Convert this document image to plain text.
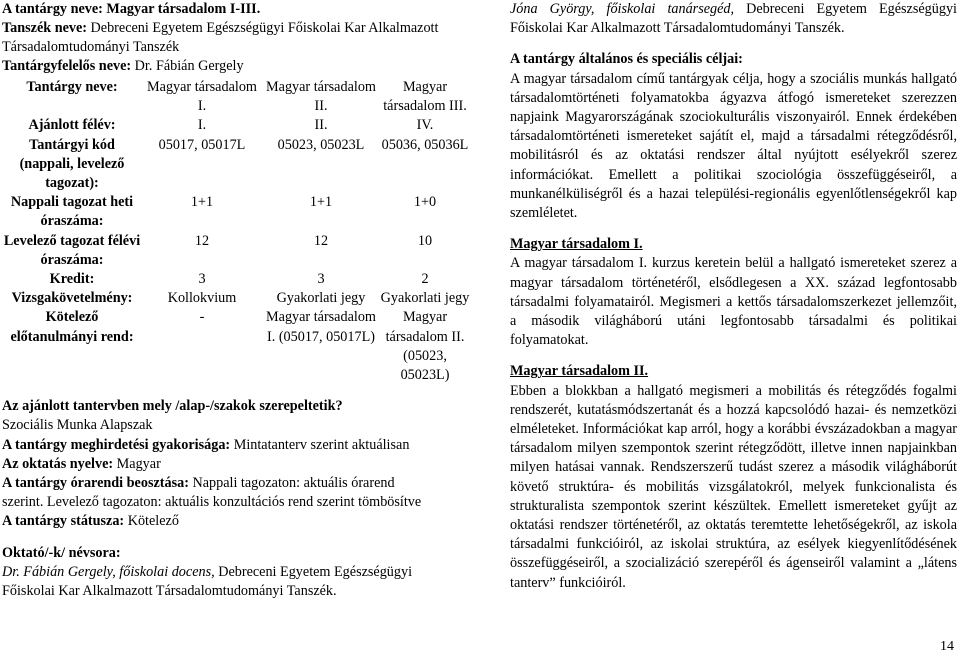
A tantárgy neve: Magyar társadalom I-III.
Tanszék neve: Debreceni Egyetem Egészségügyi Főiskolai Kar Alkalmazott
Társadalomtudományi Tanszék
Tantárgyfelelős neve: Dr. Fábián Gergely
Tantárgy neve:	Magyar társadalom I.	Magyar társadalom II.	Magyar társadalom III.
Ajánlott félév:	I.	II.	IV.
Tantárgyi kód (nappali, levelező tagozat):	05017, 05017L	05023, 05023L	05036, 05036L
Nappali tagozat heti óraszáma:	1+1	1+1	1+0
Levelező tagozat félévi óraszáma:	12	12	10
Kredit:	3	3	2
Vizsgakövetelmény:	Kollokvium	Gyakorlati jegy	Gyakorlati jegy
Kötelező előtanulmányi rend:	-	Magyar társadalom I. (05017, 05017L)	Magyar társadalom II. (05023, 05023L)
Az ajánlott tantervben mely /alap-/szakok szerepeltetik?
Szociális Munka Alapszak
A tantárgy meghirdetési gyakorisága: Mintatanterv szerint aktuálisan
Az oktatás nyelve: Magyar
A tantárgy órarendi beosztása: Nappali tagozaton: aktuális órarend
szerint. Levelező tagozaton: aktuális konzultációs rend szerint tömbösítve
A tantárgy státusza: Kötelező
Oktató/-k/ névsora:
Dr. Fábián Gergely, főiskolai docens, Debreceni Egyetem Egészségügyi
Főiskolai Kar Alkalmazott Társadalomtudományi Tanszék.

Jóna György, főiskolai tanársegéd, Debreceni Egyetem Egészségügyi Főiskolai Kar Alkalmazott Társadalomtudományi Tanszék.

A tantárgy általános és speciális céljai:

A magyar társadalom című tantárgyak célja, hogy a szociális munkás hallgató társadalomtörténeti folyamatokba ágyazva átfogó ismereteket szerezzen napjaink Magyarországának szociokulturális viszonyairól. Ennek érdekében társadalomtörténeti ismereteket sajátít el, majd a társadalmi rétegződésről, mobilitásról és az oktatási rendszer által nyújtott esélyekről szerez információkat. Emellett a politikai szociológia összefüggéseiről, a munkanélküliségről és a hazai települési-regionális egyenlőtlenségekről kap szemléletet.

Magyar társadalom I.

A magyar társadalom I. kurzus keretein belül a hallgató ismereteket szerez a magyar társadalom történetéről, elsődlegesen a XX. század legfontosabb társadalmi folyamatairól. Megismeri a kettős társadalomszerkezet jellemzőit, a második világháború utáni legfontosabb társadalmi és politikai folyamatokat.

Magyar társadalom II.

Ebben a blokkban a hallgató megismeri a mobilitás és rétegződés fogalmi rendszerét, kutatásmódszertanát és a hozzá kapcsolódó hazai- és nemzetközi elméleteket. Információkat kap arról, hogy a korábbi évszázadokban a magyar társadalom milyen szempontok szerint rétegződött, illetve innen napjainkban milyen hatásai vannak. Rendszerszerű tudást szerez a második világháborút követő struktúra- és mobilitás vizsgálatokról, melyek funkcionalista és strukturalista szempontok szerint készültek. Emellett ismereteket gyűjt az oktatási rendszer történetéről, az oktatás teremtette lehetőségekről, az iskola társadalmi funkcióiról, az iskolai struktúra, az esélyek kiegyenlítődésének összefüggéseiről, a szocializáció szerepéről és ágenseiről valamint a „látens tanterv” funkcióiról.

14
